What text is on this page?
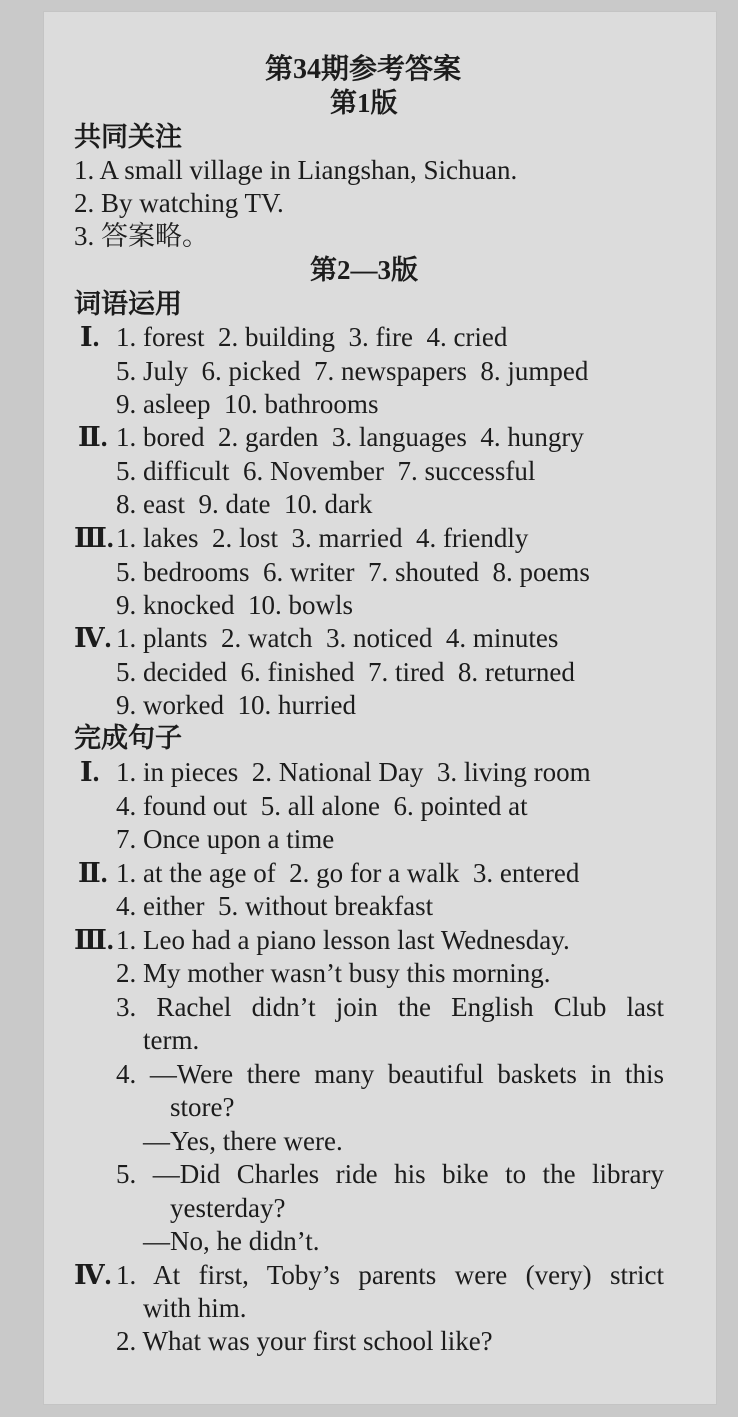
第34期参考答案
第1版
共同关注
1. A small village in Liangshan, Sichuan.
2. By watching TV.
3. 答案略。
第2—3版
词语运用
Ⅰ. 1. forest  2. building  3. fire  4. cried
5. July  6. picked  7. newspapers  8. jumped
9. asleep  10. bathrooms
Ⅱ. 1. bored  2. garden  3. languages  4. hungry
5. difficult  6. November  7. successful
8. east  9. date  10. dark
Ⅲ. 1. lakes  2. lost  3. married  4. friendly
5. bedrooms  6. writer  7. shouted  8. poems
9. knocked  10. bowls
Ⅳ. 1. plants  2. watch  3. noticed  4. minutes
5. decided  6. finished  7. tired  8. returned
9. worked  10. hurried
完成句子
Ⅰ. 1. in pieces  2. National Day  3. living room
4. found out  5. all alone  6. pointed at
7. Once upon a time
Ⅱ. 1. at the age of  2. go for a walk  3. entered
4. either  5. without breakfast
Ⅲ. 1. Leo had a piano lesson last Wednesday.
2. My mother wasn’t busy this morning.
3. Rachel didn’t join the English Club last
term.
4. —Were there many beautiful baskets in this
store?
—Yes, there were.
5. —Did Charles ride his bike to the library
yesterday?
—No, he didn’t.
Ⅳ. 1. At first, Toby’s parents were (very) strict
with him.
2. What was your first school like?
